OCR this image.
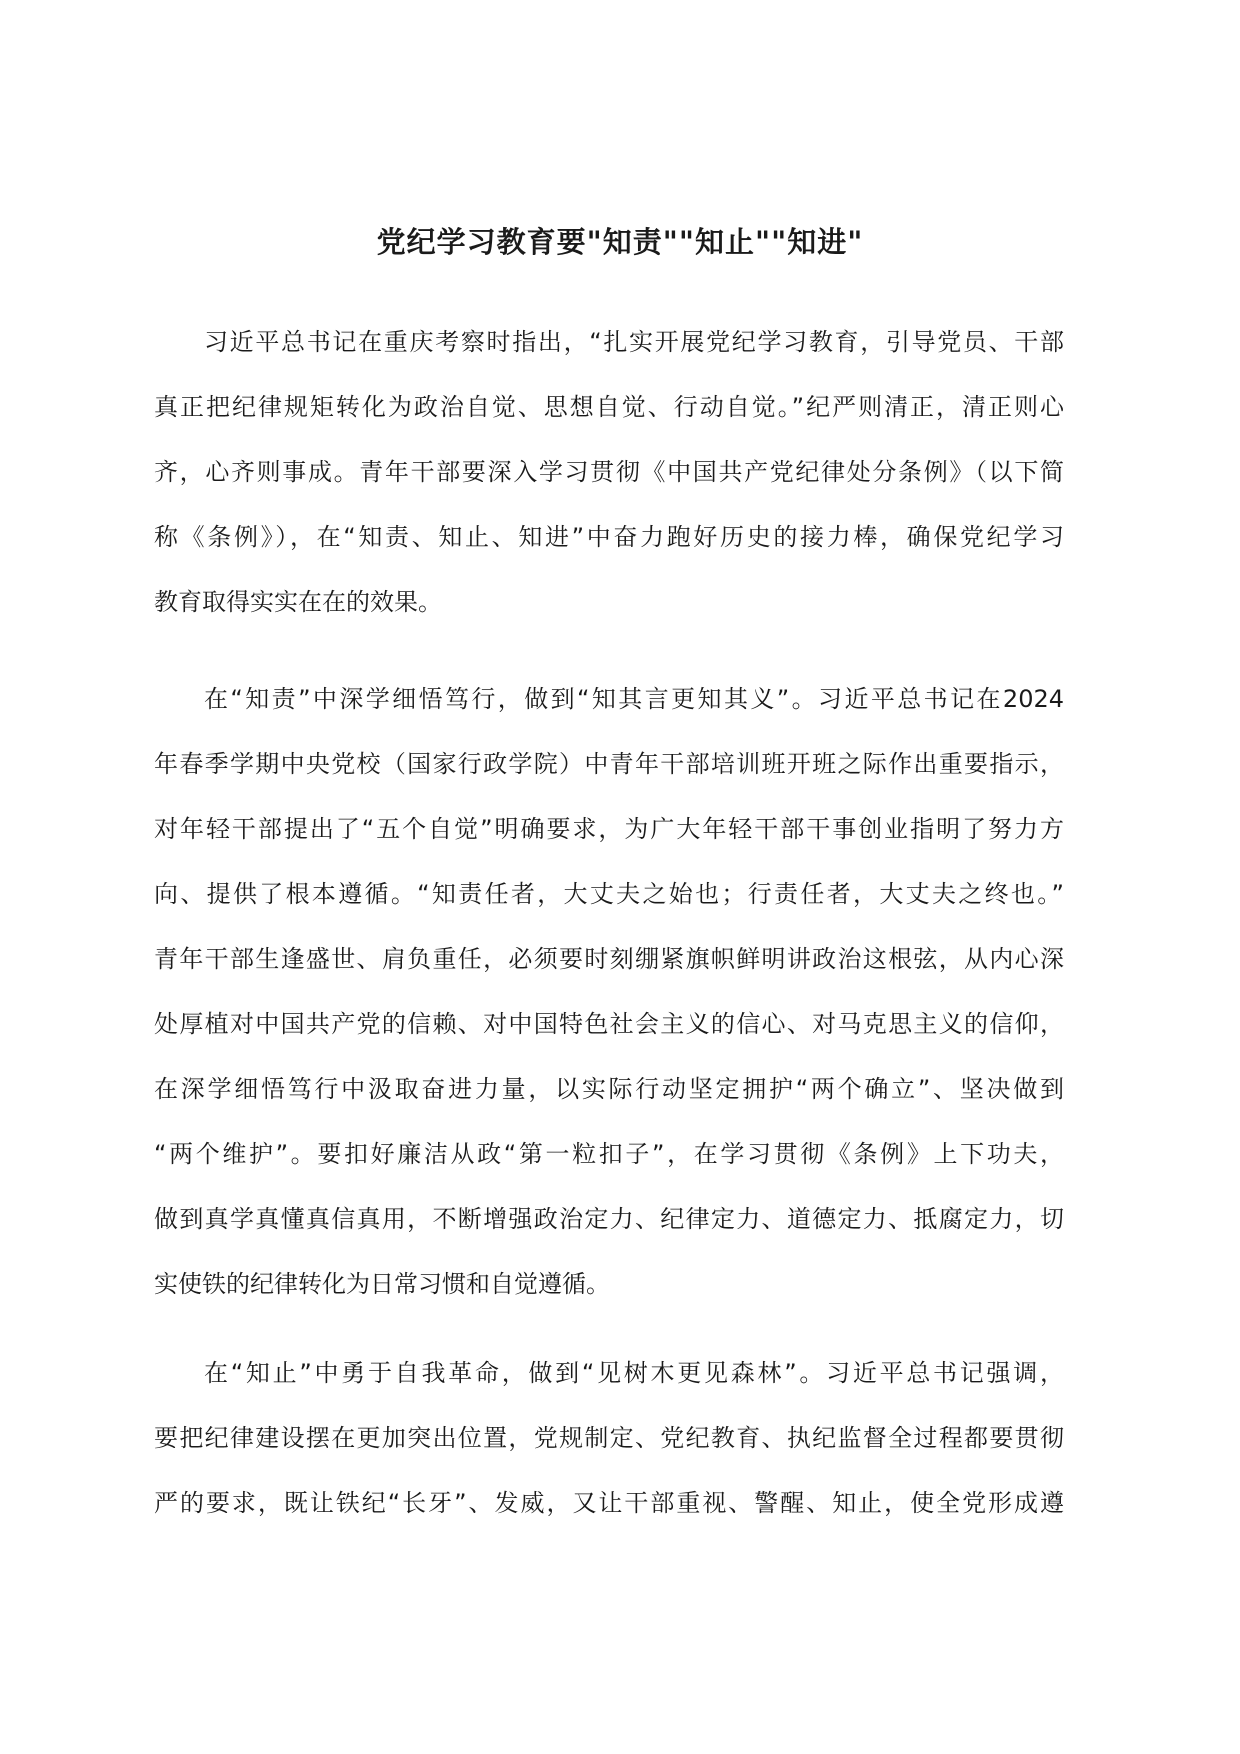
党纪学习教育要"知责""知止""知进"
习近平总书记在重庆考察时指出，“扎实开展党纪学习教育，引导党员、干部
真正把纪律规矩转化为政治自觉、思想自觉、行动自觉。”纪严则清正，清正则心
齐，心齐则事成。青年干部要深入学习贯彻《中国共产党纪律处分条例》（以下简
称《条例》），在“知责、知止、知进”中奋力跑好历史的接力棒，确保党纪学习
教育取得实实在在的效果。
在“知责”中深学细悟笃行，做到“知其言更知其义”。习近平总书记在2024
年春季学期中央党校（国家行政学院）中青年干部培训班开班之际作出重要指示，
对年轻干部提出了“五个自觉”明确要求，为广大年轻干部干事创业指明了努力方
向、提供了根本遵循。“知责任者，大丈夫之始也；行责任者，大丈夫之终也。”
青年干部生逢盛世、肩负重任，必须要时刻绷紧旗帜鲜明讲政治这根弦，从内心深
处厚植对中国共产党的信赖、对中国特色社会主义的信心、对马克思主义的信仰，
在深学细悟笃行中汲取奋进力量，以实际行动坚定拥护“两个确立”、坚决做到
“两个维护”。要扣好廉洁从政“第一粒扣子”，在学习贯彻《条例》上下功夫，
做到真学真懂真信真用，不断增强政治定力、纪律定力、道德定力、抵腐定力，切
实使铁的纪律转化为日常习惯和自觉遵循。
在“知止”中勇于自我革命，做到“见树木更见森林”。习近平总书记强调，
要把纪律建设摆在更加突出位置，党规制定、党纪教育、执纪监督全过程都要贯彻
严的要求，既让铁纪“长牙”、发威，又让干部重视、警醒、知止，使全党形成遵
